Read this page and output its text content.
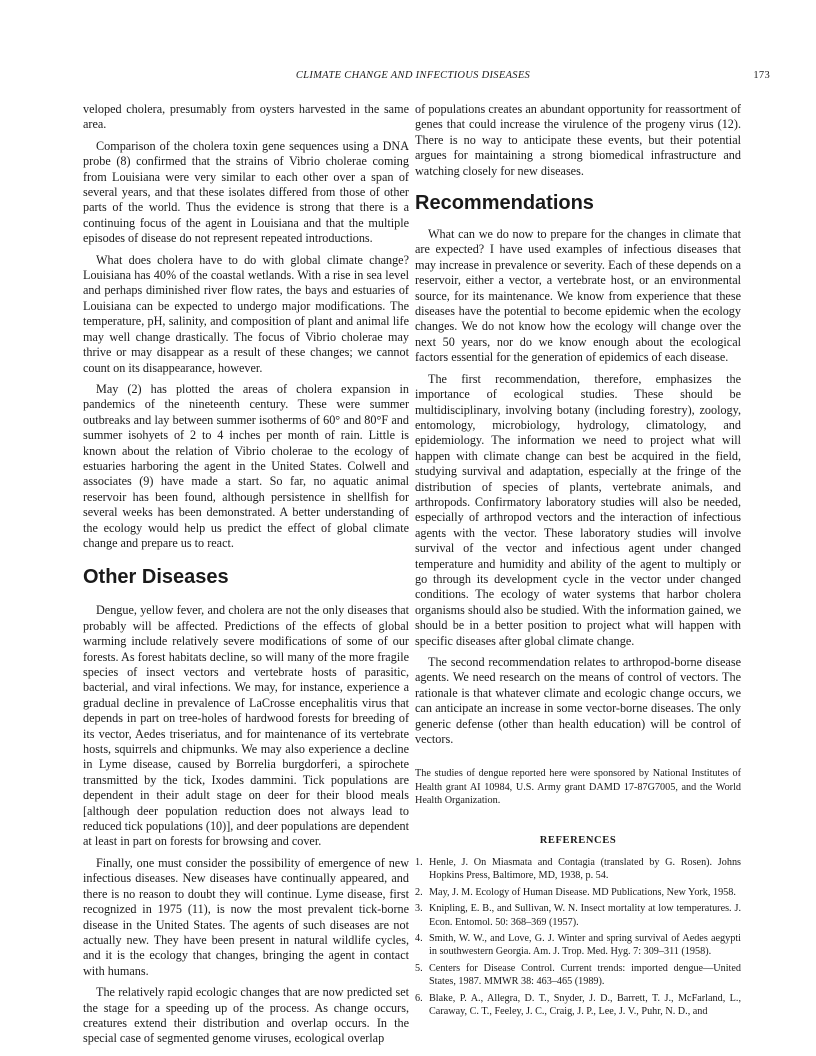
CLIMATE CHANGE AND INFECTIOUS DISEASES	173

veloped cholera, presumably from oysters harvested in the same area.

Comparison of the cholera toxin gene sequences using a DNA probe (8) confirmed that the strains of Vibrio cholerae coming from Louisiana were very similar to each other over a span of several years, and that these isolates differed from those of other parts of the world. Thus the evidence is strong that there is a continuing focus of the agent in Louisiana and that the multiple episodes of disease do not represent repeated introductions.

What does cholera have to do with global climate change? Louisiana has 40% of the coastal wetlands. With a rise in sea level and perhaps diminished river flow rates, the bays and estuaries of Louisiana can be expected to undergo major modifications. The temperature, pH, salinity, and composition of plant and animal life may well change drastically. The focus of Vibrio cholerae may thrive or may disappear as a result of these changes; we cannot count on its disappearance, however.

May (2) has plotted the areas of cholera expansion in pandemics of the nineteenth century. These were summer outbreaks and lay between summer isotherms of 60° and 80°F and summer isohyets of 2 to 4 inches per month of rain. Little is known about the relation of Vibrio cholerae to the ecology of estuaries harboring the agent in the United States. Colwell and associates (9) have made a start. So far, no aquatic animal reservoir has been found, although persistence in shellfish for several weeks has been demonstrated. A better understanding of the ecology would help us predict the effect of global climate change and prepare us to react.

Other Diseases

Dengue, yellow fever, and cholera are not the only diseases that probably will be affected. Predictions of the effects of global warming include relatively severe modifications of some of our forests. As forest habitats decline, so will many of the more fragile species of insect vectors and vertebrate hosts of parasitic, bacterial, and viral infections. We may, for instance, experience a gradual decline in prevalence of LaCrosse encephalitis virus that depends in part on tree-holes of hardwood forests for breeding of its vector, Aedes triseriatus, and for maintenance of its vertebrate hosts, squirrels and chipmunks. We may also experience a decline in Lyme disease, caused by Borrelia burgdorferi, a spirochete transmitted by the tick, Ixodes dammini. Tick populations are dependent in their adult stage on deer for their blood meals [although deer population reduction does not always lead to reduced tick populations (10)], and deer populations are dependent at least in part on forests for browsing and cover.

Finally, one must consider the possibility of emergence of new infectious diseases. New diseases have continually appeared, and there is no reason to doubt they will continue. Lyme disease, first recognized in 1975 (11), is now the most prevalent tick-borne disease in the United States. The agents of such diseases are not actually new. They have been present in natural wildlife cycles, and it is the ecology that changes, bringing the agent in contact with humans.

The relatively rapid ecologic changes that are now predicted set the stage for a speeding up of the process. As change occurs, creatures extend their distribution and overlap occurs. In the special case of segmented genome viruses, ecological overlap

of populations creates an abundant opportunity for reassortment of genes that could increase the virulence of the progeny virus (12). There is no way to anticipate these events, but their potential argues for maintaining a strong biomedical infrastructure and watching closely for new diseases.

Recommendations

What can we do now to prepare for the changes in climate that are expected? I have used examples of infectious diseases that may increase in prevalence or severity. Each of these depends on a reservoir, either a vector, a vertebrate host, or an environmental source, for its maintenance. We know from experience that these diseases have the potential to become epidemic when the ecology changes. We do not know how the ecology will change over the next 50 years, nor do we know enough about the ecological factors essential for the generation of epidemics of each disease.

The first recommendation, therefore, emphasizes the importance of ecological studies. These should be multidisciplinary, involving botany (including forestry), zoology, entomology, microbiology, hydrology, climatology, and epidemiology. The information we need to project what will happen with climate change can best be acquired in the field, studying survival and adaptation, especially at the fringe of the distribution of species of plants, vertebrate animals, and arthropods. Confirmatory laboratory studies will also be needed, especially of arthropod vectors and the interaction of infectious agents with the vector. These laboratory studies will involve survival of the vector and infectious agent under changed temperature and humidity and ability of the agent to multiply or go through its development cycle in the vector under changed conditions. The ecology of water systems that harbor cholera organisms should also be studied. With the information gained, we should be in a better position to project what will happen with specific diseases after global climate change.

The second recommendation relates to arthropod-borne disease agents. We need research on the means of control of vectors. The rationale is that whatever climate and ecologic change occurs, we can anticipate an increase in some vector-borne diseases. The only generic defense (other than health education) will be control of vectors.

The studies of dengue reported here were sponsored by National Institutes of Health grant AI 10984, U.S. Army grant DAMD 17-87G7005, and the World Health Organization.

REFERENCES
1. Henle, J. On Miasmata and Contagia (translated by G. Rosen). Johns Hopkins Press, Baltimore, MD, 1938, p. 54.
2. May, J. M. Ecology of Human Disease. MD Publications, New York, 1958.
3. Knipling, E. B., and Sullivan, W. N. Insect mortality at low temperatures. J. Econ. Entomol. 50: 368–369 (1957).
4. Smith, W. W., and Love, G. J. Winter and spring survival of Aedes aegypti in southwestern Georgia. Am. J. Trop. Med. Hyg. 7: 309–311 (1958).
5. Centers for Disease Control. Current trends: imported dengue—United States, 1987. MMWR 38: 463–465 (1989).
6. Blake, P. A., Allegra, D. T., Snyder, J. D., Barrett, T. J., McFarland, L., Caraway, C. T., Feeley, J. C., Craig, J. P., Lee, J. V., Puhr, N. D., and
